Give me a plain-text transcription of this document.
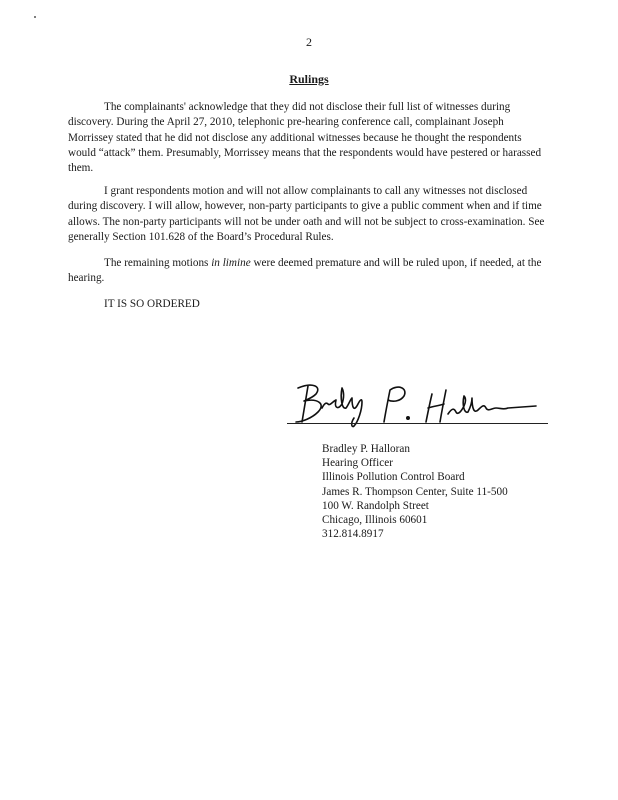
2
Rulings

The complainants' acknowledge that they did not disclose their full list of witnesses during discovery. During the April 27, 2010, telephonic pre-hearing conference call, complainant Joseph Morrissey stated that he did not disclose any additional witnesses because he thought the respondents would “attack” them. Presumably, Morrissey means that the respondents would have pestered or harassed them.

I grant respondents motion and will not allow complainants to call any witnesses not disclosed during discovery. I will allow, however, non-party participants to give a public comment when and if time allows. The non-party participants will not be under oath and will not be subject to cross-examination. See generally Section 101.628 of the Board’s Procedural Rules.

The remaining motions in limine were deemed premature and will be ruled upon, if needed, at the hearing.

IT IS SO ORDERED
Bradley P. Halloran
Hearing Officer
Illinois Pollution Control Board
James R. Thompson Center, Suite 11-500
100 W. Randolph Street
Chicago, Illinois 60601
312.814.8917
